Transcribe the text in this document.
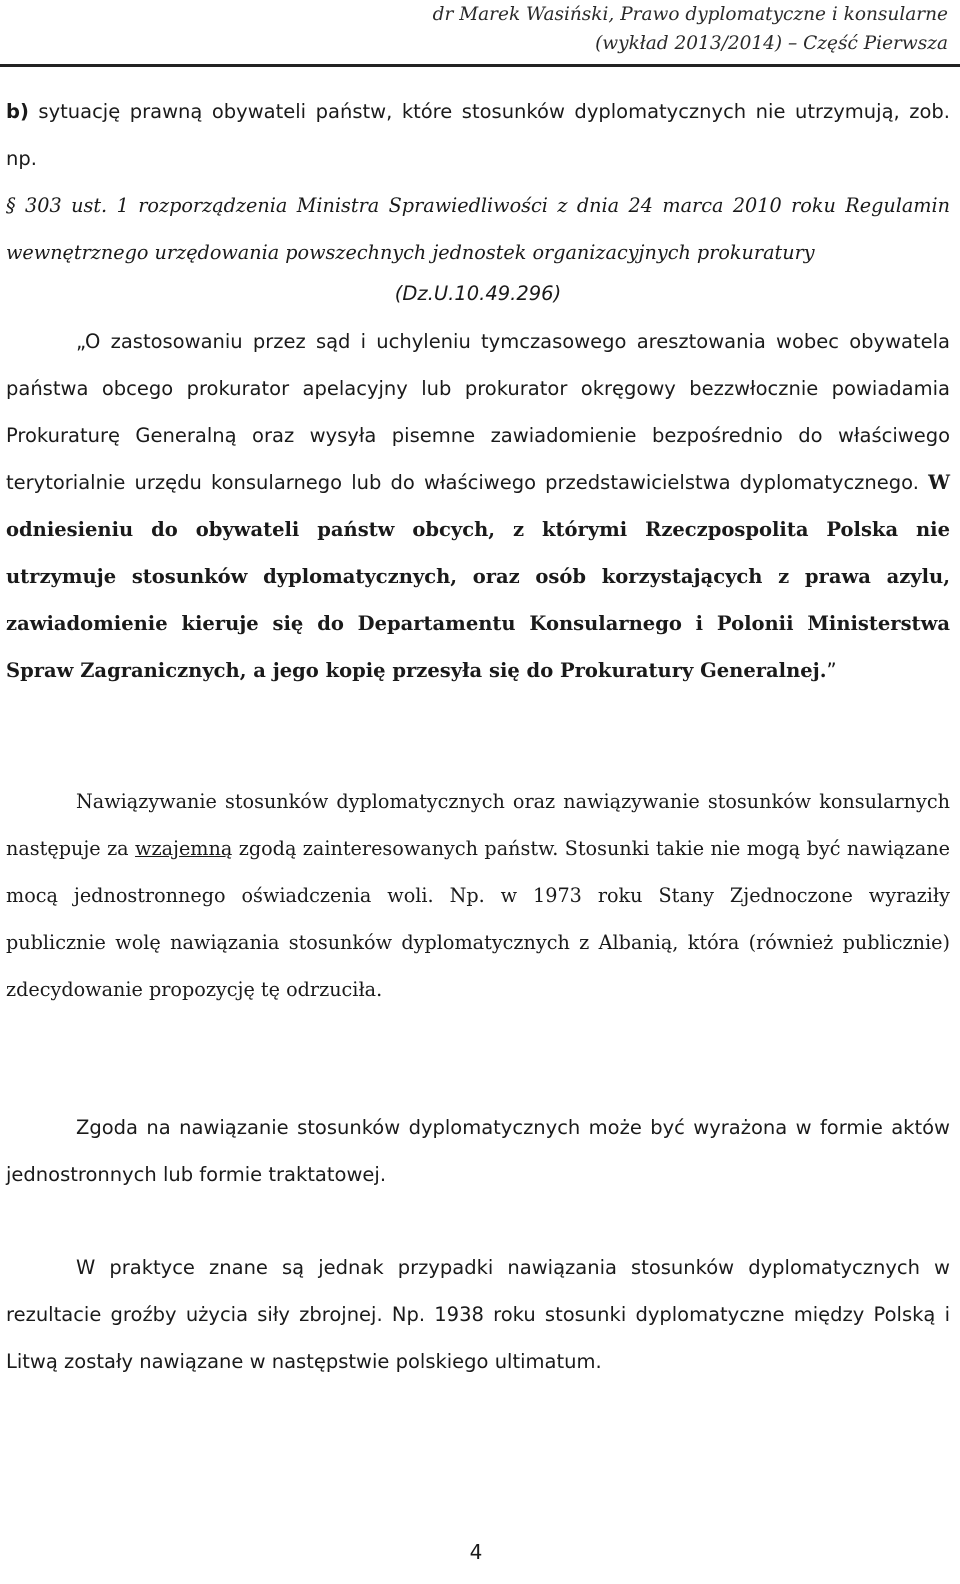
dr Marek Wasiński, Prawo dyplomatyczne i konsularne
(wykład 2013/2014) – Część Pierwsza

b) sytuację prawną obywateli państw, które stosunków dyplomatycznych nie utrzymują, zob. np.

§ 303 ust. 1 rozporządzenia Ministra Sprawiedliwości z dnia 24 marca 2010 roku Regulamin wewnętrznego urzędowania powszechnych jednostek organizacyjnych prokuratury

(Dz.U.10.49.296)

„O zastosowaniu przez sąd i uchyleniu tymczasowego aresztowania wobec obywatela państwa obcego prokurator apelacyjny lub prokurator okręgowy bezzwłocznie powiadamia Prokuraturę Generalną oraz wysyła pisemne zawiadomienie bezpośrednio do właściwego terytorialnie urzędu konsularnego lub do właściwego przedstawicielstwa dyplomatycznego. W odniesieniu do obywateli państw obcych, z którymi Rzeczpospolita Polska nie utrzymuje stosunków dyplomatycznych, oraz osób korzystających z prawa azylu, zawiadomienie kieruje się do Departamentu Konsularnego i Polonii Ministerstwa Spraw Zagranicznych, a jego kopię przesyła się do Prokuratury Generalnej.”

Nawiązywanie stosunków dyplomatycznych oraz nawiązywanie stosunków konsularnych następuje za wzajemną zgodą zainteresowanych państw. Stosunki takie nie mogą być nawiązane mocą jednostronnego oświadczenia woli. Np. w 1973 roku Stany Zjednoczone wyraziły publicznie wolę nawiązania stosunków dyplomatycznych z Albanią, która (również publicznie) zdecydowanie propozycję tę odrzuciła.

Zgoda na nawiązanie stosunków dyplomatycznych może być wyrażona w formie aktów jednostronnych lub formie traktatowej.

W praktyce znane są jednak przypadki nawiązania stosunków dyplomatycznych w rezultacie groźby użycia siły zbrojnej. Np. 1938 roku stosunki dyplomatyczne między Polską i Litwą zostały nawiązane w następstwie polskiego ultimatum.

4
